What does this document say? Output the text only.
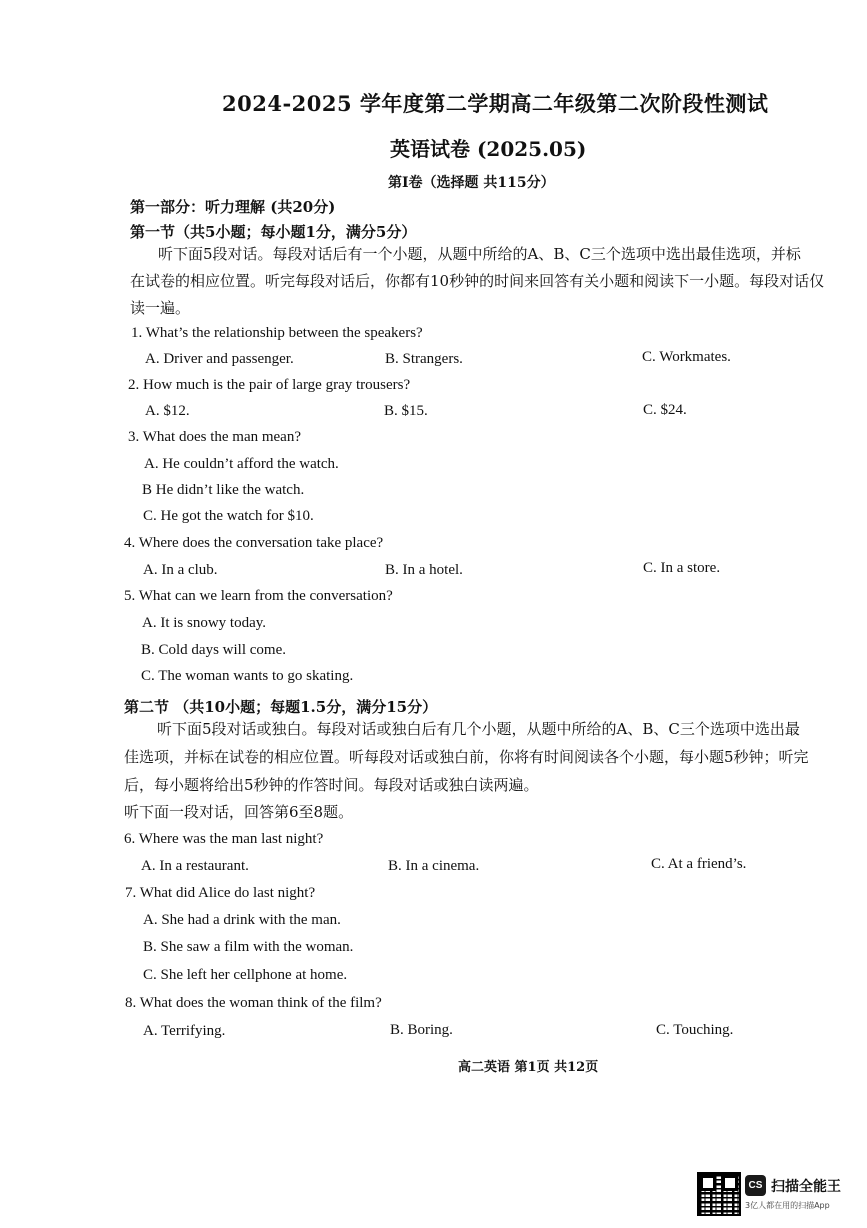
2024-2025 学年度第二学期高二年级第二次阶段性测试
英语试卷 (2025.05)
第Ⅰ卷（选择题 共115分）
第一部分：听力理解 (共20分)
第一节（共5小题；每小题1分，满分5分）
听下面5段对话。每段对话后有一个小题，从题中所给的A、B、C三个选项中选出最佳选项，并标
在试卷的相应位置。听完每段对话后，你都有10秒钟的时间来回答有关小题和阅读下一小题。每段对话仅
读一遍。
1. What’s the relationship between the speakers?
A. Driver and passenger.	B. Strangers.	C. Workmates.
2. How much is the pair of large gray trousers?
A. $12.	B. $15.	C. $24.
3. What does the man mean?
A. He couldn’t afford the watch.
B He didn’t like the watch.
C. He got the watch for $10.
4. Where does the conversation take place?
A. In a club.	B. In a hotel.	C. In a store.
5. What can we learn from the conversation?
A. It is snowy today.
B. Cold days will come.
C. The woman wants to go skating.
第二节 （共10小题；每题1.5分，满分15分）
听下面5段对话或独白。每段对话或独白后有几个小题，从题中所给的A、B、C三个选项中选出最
佳选项，并标在试卷的相应位置。听每段对话或独白前，你将有时间阅读各个小题，每小题5秒钟；听完
后，每小题将给出5秒钟的作答时间。每段对话或独白读两遍。
听下面一段对话，回答第6至8题。
6. Where was the man last night?
A. In a restaurant.	B. In a cinema.	C. At a friend’s.
7. What did Alice do last night?
A. She had a drink with the man.
B. She saw a film with the woman.
C. She left her cellphone at home.
8. What does the woman think of the film?
A. Terrifying.	B. Boring.	C. Touching.
高二英语 第1页 共12页
CS 扫描全能王
3亿人都在用的扫描App
